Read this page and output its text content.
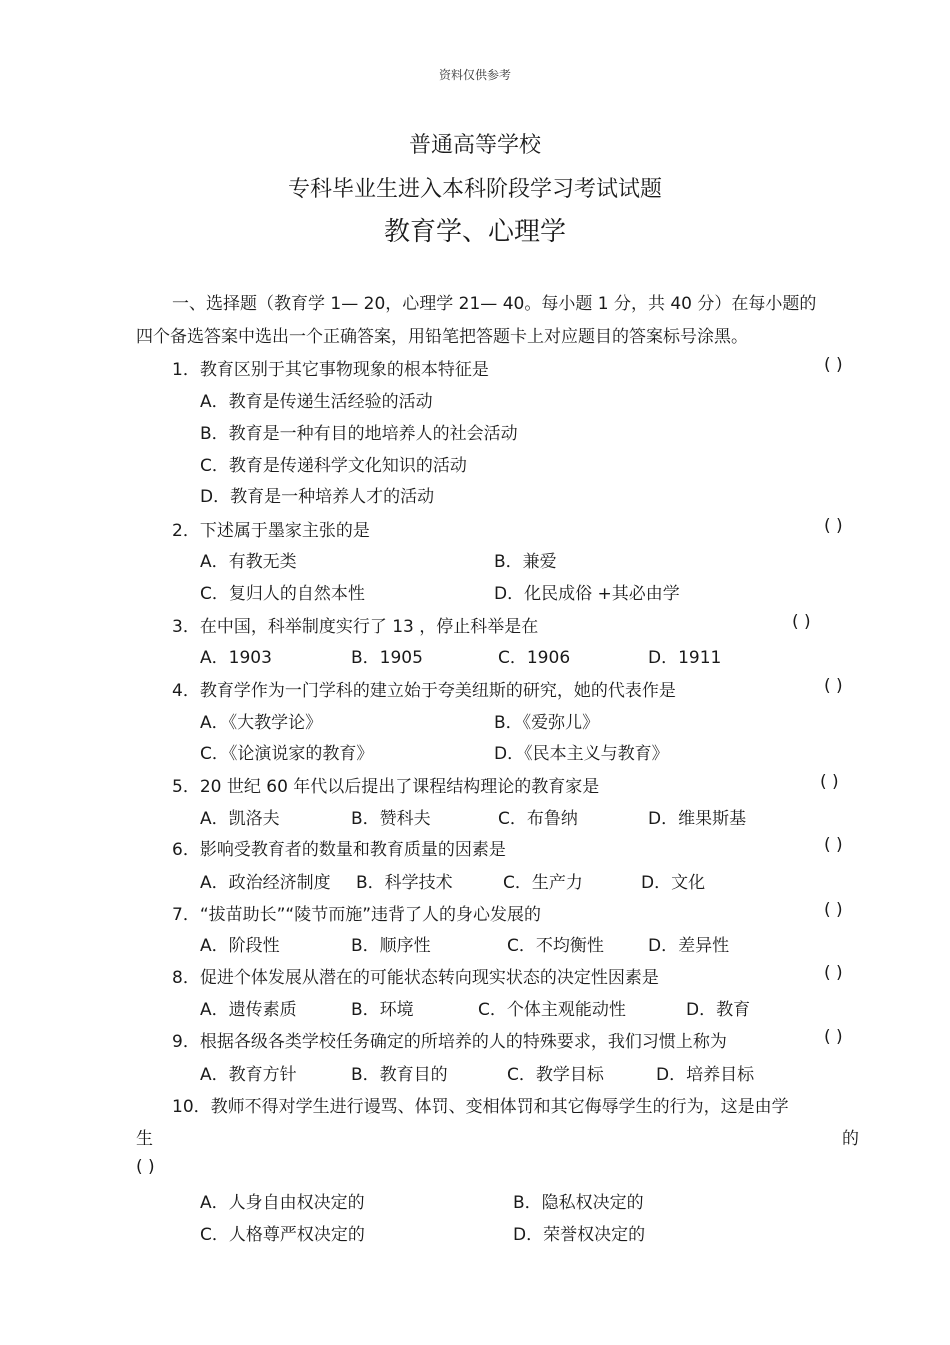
资料仅供参考
普通高等学校
专科毕业生进入本科阶段学习考试试题
教育学、心理学
一、选择题（教育学 1— 20，心理学 21— 40。每小题 1 分，共 40 分）在每小题的
四个备选答案中选出一个正确答案，用铅笔把答题卡上对应题目的答案标号涂黑。
1．教育区别于其它事物现象的根本特征是	( )
A．教育是传递生活经验的活动
B．教育是一种有目的地培养人的社会活动
C．教育是传递科学文化知识的活动
D．教育是一种培养人才的活动
2．下述属于墨家主张的是	( )
A．有教无类	B．兼爱
C．复归人的自然本性	D．化民成俗 +其必由学
3．在中国，科举制度实行了 13 ，停止科举是在	( )
A．1903	B．1905	C．1906	D．1911
4．教育学作为一门学科的建立始于夸美纽斯的研究，她的代表作是	( )
A．《大教学论》	B．《爱弥儿》
C．《论演说家的教育》	D．《民本主义与教育》
5．20 世纪 60 年代以后提出了课程结构理论的教育家是	( )
A．凯洛夫	B．赞科夫	C．布鲁纳	D．维果斯基
6．影响受教育者的数量和教育质量的因素是	( )
A．政治经济制度 B．科学技术	C．生产力	D．文化
7．“拔苗助长”“陵节而施”违背了人的身心发展的	( )
A．阶段性	B．顺序性	C．不均衡性	D．差异性
8．促进个体发展从潜在的可能状态转向现实状态的决定性因素是	( )
A．遗传素质	B．环境	C．个体主观能动性	D．教育
9．根据各级各类学校任务确定的所培养的人的特殊要求，我们习惯上称为	( )
A．教育方针	B．教育目的	C．教学目标	D．培养目标
10．教师不得对学生进行谩骂、体罚、变相体罚和其它侮辱学生的行为，这是由学
生	的
( )
A．人身自由权决定的	B．隐私权决定的
C．人格尊严权决定的	D．荣誉权决定的
